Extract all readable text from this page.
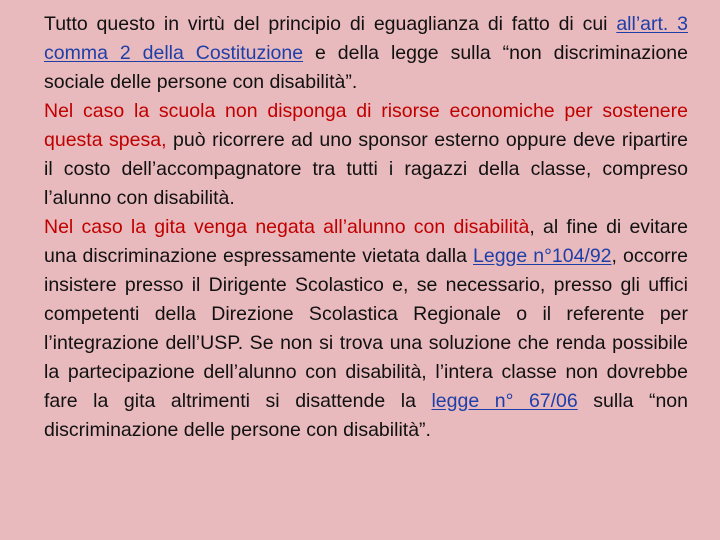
Tutto questo in virtù del principio di eguaglianza di fatto di cui all’art. 3 comma 2 della Costituzione e della legge sulla “non discriminazione sociale delle persone con disabilità”.

Nel caso la scuola non disponga di risorse economiche per sostenere questa spesa, può ricorrere ad uno sponsor esterno oppure deve ripartire il costo dell’accompagnatore tra tutti i ragazzi della classe, compreso l’alunno con disabilità.

Nel caso la gita venga negata all’alunno con disabilità, al fine di evitare una discriminazione espressamente vietata dalla Legge n°104/92, occorre insistere presso il Dirigente Scolastico e, se necessario, presso gli uffici competenti della Direzione Scolastica Regionale o il referente per l’integrazione dell’USP. Se non si trova una soluzione che renda possibile la partecipazione dell’alunno con disabilità, l’intera classe non dovrebbe fare la gita altrimenti si disattende la legge n° 67/06 sulla “non discriminazione delle persone con disabilità”.
